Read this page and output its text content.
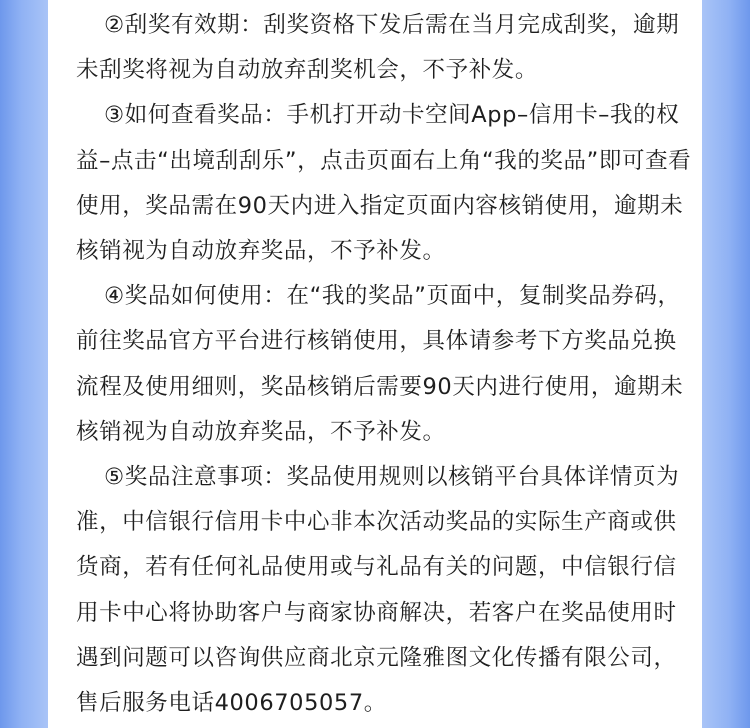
②刮奖有效期：刮奖资格下发后需在当月完成刮奖，逾期未刮奖将视为自动放弃刮奖机会，不予补发。

③如何查看奖品：手机打开动卡空间App–信用卡–我的权益–点击“出境刮刮乐”，点击页面右上角“我的奖品”即可查看使用，奖品需在90天内进入指定页面内容核销使用，逾期未核销视为自动放弃奖品，不予补发。

④奖品如何使用：在“我的奖品”页面中，复制奖品券码，前往奖品官方平台进行核销使用，具体请参考下方奖品兑换流程及使用细则，奖品核销后需要90天内进行使用，逾期未核销视为自动放弃奖品，不予补发。

⑤奖品注意事项：奖品使用规则以核销平台具体详情页为准，中信银行信用卡中心非本次活动奖品的实际生产商或供货商，若有任何礼品使用或与礼品有关的问题，中信银行信用卡中心将协助客户与商家协商解决，若客户在奖品使用时遇到问题可以咨询供应商北京元隆雅图文化传播有限公司，售后服务电话4006705057。
